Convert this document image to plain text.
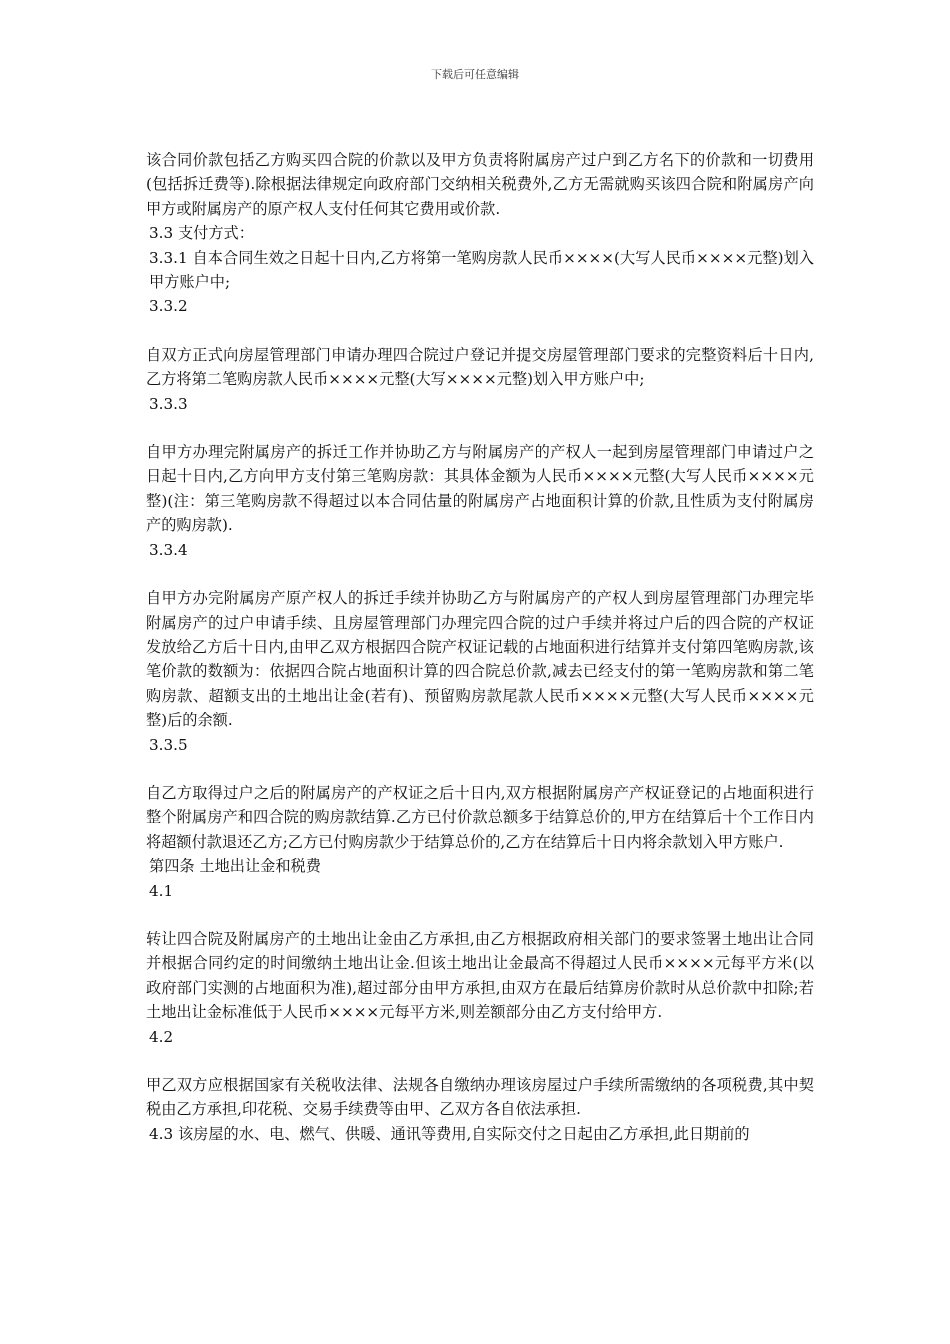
下载后可任意编辑

该合同价款包括乙方购买四合院的价款以及甲方负责将附属房产过户到乙方名下的价款和一切费用(包括拆迁费等).除根据法律规定向政府部门交纳相关税费外,乙方无需就购买该四合院和附属房产向甲方或附属房产的原产权人支付任何其它费用或价款.

3.3 支付方式：

3.3.1 自本合同生效之日起十日内,乙方将第一笔购房款人民币××××(大写人民币××××元整)划入甲方账户中;

3.3.2

自双方正式向房屋管理部门申请办理四合院过户登记并提交房屋管理部门要求的完整资料后十日内,乙方将第二笔购房款人民币××××元整(大写××××元整)划入甲方账户中;

3.3.3

自甲方办理完附属房产的拆迁工作并协助乙方与附属房产的产权人一起到房屋管理部门申请过户之日起十日内,乙方向甲方支付第三笔购房款：其具体金额为人民币××××元整(大写人民币××××元整)(注：第三笔购房款不得超过以本合同估量的附属房产占地面积计算的价款,且性质为支付附属房产的购房款).

3.3.4

自甲方办完附属房产原产权人的拆迁手续并协助乙方与附属房产的产权人到房屋管理部门办理完毕附属房产的过户申请手续、且房屋管理部门办理完四合院的过户手续并将过户后的四合院的产权证发放给乙方后十日内,由甲乙双方根据四合院产权证记载的占地面积进行结算并支付第四笔购房款,该笔价款的数额为：依据四合院占地面积计算的四合院总价款,减去已经支付的第一笔购房款和第二笔购房款、超额支出的土地出让金(若有)、预留购房款尾款人民币××××元整(大写人民币××××元整)后的余额.

3.3.5

自乙方取得过户之后的附属房产的产权证之后十日内,双方根据附属房产产权证登记的占地面积进行整个附属房产和四合院的购房款结算.乙方已付价款总额多于结算总价的,甲方在结算后十个工作日内将超额付款退还乙方;乙方已付购房款少于结算总价的,乙方在结算后十日内将余款划入甲方账户.

第四条 土地出让金和税费

4.1

转让四合院及附属房产的土地出让金由乙方承担,由乙方根据政府相关部门的要求签署土地出让合同并根据合同约定的时间缴纳土地出让金.但该土地出让金最高不得超过人民币××××元每平方米(以政府部门实测的占地面积为准),超过部分由甲方承担,由双方在最后结算房价款时从总价款中扣除;若土地出让金标准低于人民币××××元每平方米,则差额部分由乙方支付给甲方.

4.2

甲乙双方应根据国家有关税收法律、法规各自缴纳办理该房屋过户手续所需缴纳的各项税费,其中契税由乙方承担,印花税、交易手续费等由甲、乙双方各自依法承担.

4.3 该房屋的水、电、燃气、供暖、通讯等费用,自实际交付之日起由乙方承担,此日期前的
